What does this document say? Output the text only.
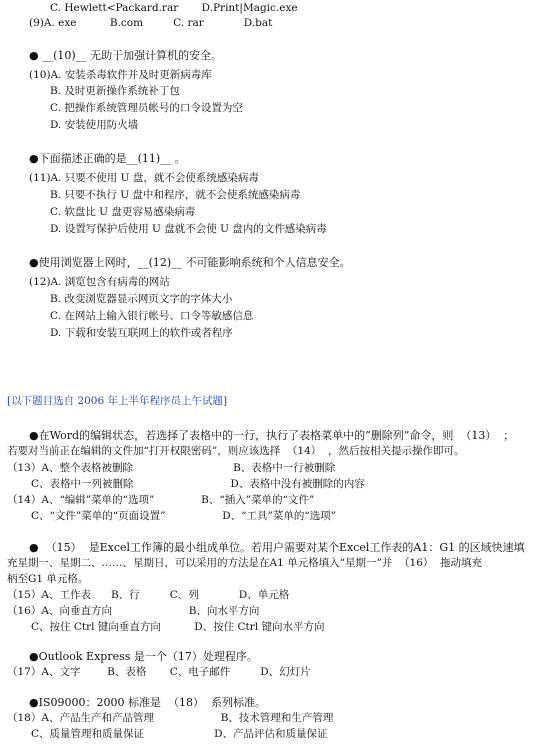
C. Hewlett<Packard.rar       D.Print|Magic.exe
(9)A. exe          B.com         C. rar            D.bat
● __(10)__ 无助于加强计算机的安全。
(10)A. 安装杀毒软件并及时更新病毒库
B. 及时更新操作系统补丁包
C. 把操作系统管理员帐号的口令设置为空
D. 安装使用防火墙
●下面描述正确的是__(11)__ 。
(11)A. 只要不使用 U 盘，就不会使系统感染病毒
B. 只要不执行 U 盘中和程序，就不会使系统感染病毒
C. 软盘比 U 盘更容易感染病毒
D. 设置写保护后使用 U 盘就不会使 U 盘内的文件感染病毒
●使用浏览器上网时，__(12)__ 不可能影响系统和个人信息安全。
(12)A. 浏览包含有病毒的网站
B. 改变浏览器显示网页文字的字体大小
C. 在网站上输入银行帐号、口令等敏感信息
D. 下载和安装互联网上的软件或者程序
[以下题目选自 2006 年上半年程序员上午试题]
●在Word的编辑状态，若选择了表格中的一行，执行了表格菜单中的“删除列”命令，则  （13）  ；
若要对当前正在编辑的文件加“打开权限密码”，则应该选择  （14）  ，然后按相关提示操作即可。
（13）A、整个表格被删除                              B、表格中一行被删除
C、表格中一列被删除                             D、表格中没有被删除的内容
（14）A、“编辑”菜单的“选项”              B、“插入”菜单的“文件”
C、“文件”菜单的“页面设置”                 D、“工具”菜单的“选项”
●  （15）  是Excel工作簿的最小组成单位。若用户需要对某个Excel工作表的A1：G1 的区域快速填
充星期一、星期二、……、星期日，可以采用的方法是在A1 单元格填入“星期一”并  （16）  拖动填充
柄至G1 单元格。
（15）A、工作表      B、行         C、列            D、单元格
（16）A、向垂直方向                       B、向水平方向
C、按住 Ctrl 键向垂直方向          D、按住 Ctrl 键向水平方向
●Outlook Express 是一个（17）处理程序。
（17）A、文字        B、表格       C、电子邮件         D、幻灯片
●IS09000：2000 标准是  （18）  系列标准。
（18）A、产品生产和产品管理                    B、技术管理和生产管理
C、质量管理和质量保证                     D、产品评估和质量保证
